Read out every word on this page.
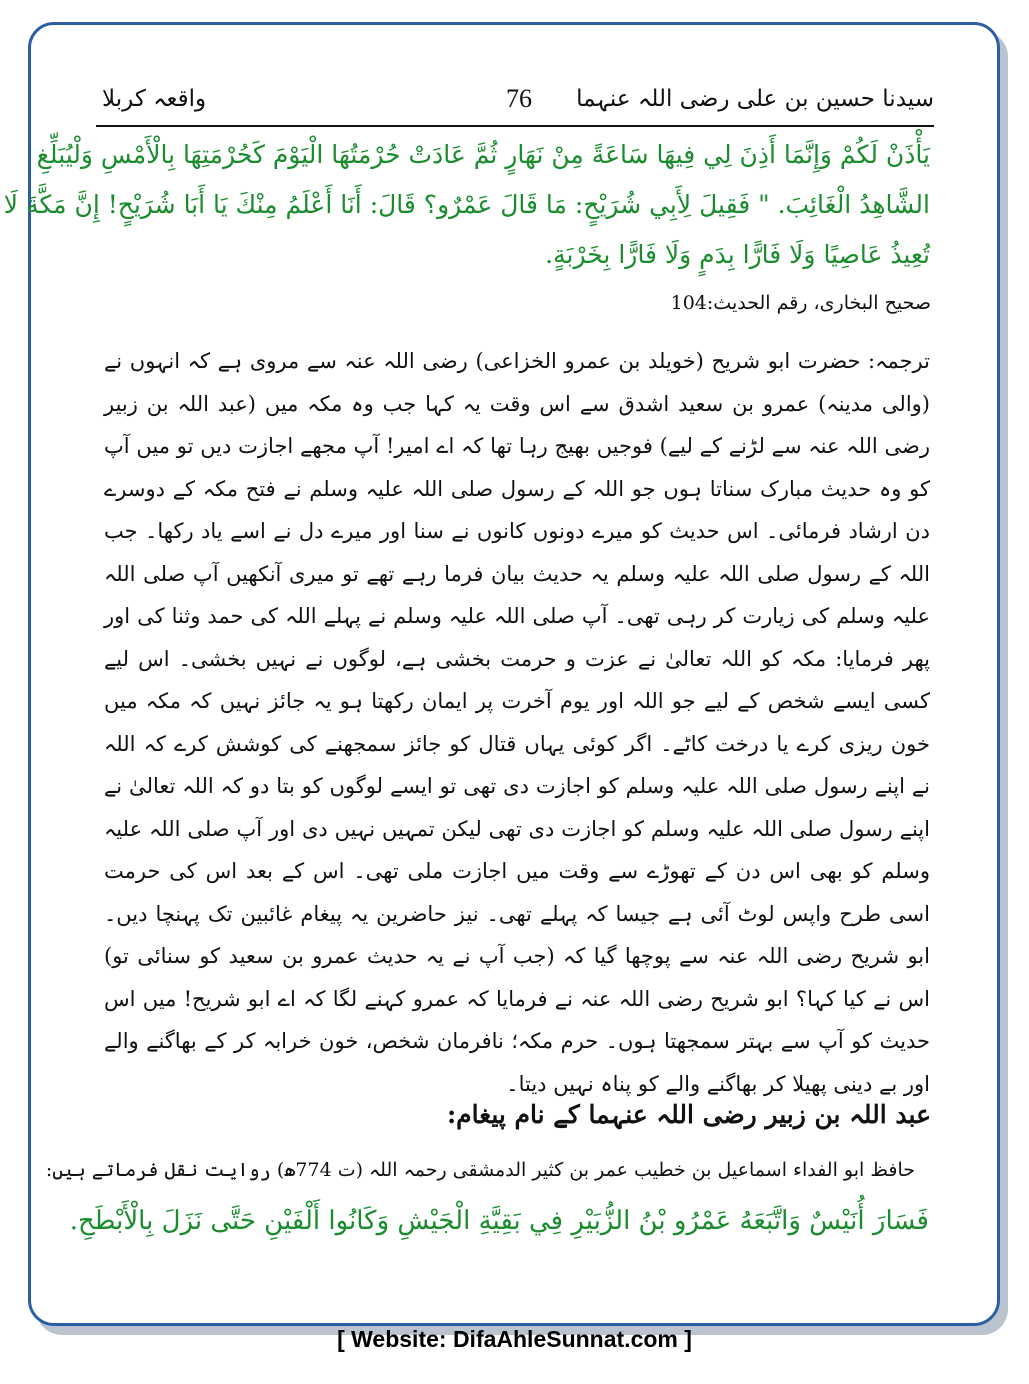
سیدنا حسین بن علی رضی اللہ عنہما
76
واقعہ کربلا
يَأْذَنْ لَكُمْ وَإِنَّمَا أَذِنَ لِي فِيهَا سَاعَةً مِنْ نَهَارٍ ثُمَّ عَادَتْ حُرْمَتُهَا الْيَوْمَ كَحُرْمَتِهَا بِالْأَمْسِ وَلْيُبَلِّغِ
الشَّاهِدُ الْغَائِبَ. " فَقِيلَ لِأَبِي شُرَيْحٍ: مَا قَالَ عَمْرٌو؟ قَالَ: أَنَا أَعْلَمُ مِنْكَ يَا أَبَا شُرَيْحٍ! إِنَّ مَكَّةَ لَا
تُعِيذُ عَاصِيًا وَلَا فَارًّا بِدَمٍ وَلَا فَارًّا بِخَرْبَةٍ.
صحیح البخاری، رقم الحدیث:104
ترجمہ: حضرت ابو شریح (خویلد بن عمرو الخزاعی) رضی اللہ عنہ سے مروی ہے کہ انہوں نے (والی مدینہ) عمرو بن سعید اشدق سے اس وقت یہ کہا جب وہ مکہ میں (عبد اللہ بن زبیر رضی اللہ عنہ سے لڑنے کے لیے) فوجیں بھیج رہا تھا کہ اے امیر! آپ مجھے اجازت دیں تو میں آپ کو وہ حدیث مبارک سناتا ہوں جو اللہ کے رسول صلی اللہ علیہ وسلم نے فتح مکہ کے دوسرے دن ارشاد فرمائی۔ اس حدیث کو میرے دونوں کانوں نے سنا اور میرے دل نے اسے یاد رکھا۔ جب اللہ کے رسول صلی اللہ علیہ وسلم یہ حدیث بیان فرما رہے تھے تو میری آنکھیں آپ صلی اللہ علیہ وسلم کی زیارت کر رہی تھی۔ آپ صلی اللہ علیہ وسلم نے پہلے اللہ کی حمد وثنا کی اور پھر فرمایا: مکہ کو اللہ تعالیٰ نے عزت و حرمت بخشی ہے، لوگوں نے نہیں بخشی۔ اس لیے کسی ایسے شخص کے لیے جو اللہ اور یوم آخرت پر ایمان رکھتا ہو یہ جائز نہیں کہ مکہ میں خون ریزی کرے یا درخت کاٹے۔ اگر کوئی یہاں قتال کو جائز سمجھنے کی کوشش کرے کہ اللہ نے اپنے رسول صلی اللہ علیہ وسلم کو اجازت دی تھی تو ایسے لوگوں کو بتا دو کہ اللہ تعالیٰ نے اپنے رسول صلی اللہ علیہ وسلم کو اجازت دی تھی لیکن تمہیں نہیں دی اور آپ صلی اللہ علیہ وسلم کو بھی اس دن کے تھوڑے سے وقت میں اجازت ملی تھی۔ اس کے بعد اس کی حرمت اسی طرح واپس لوٹ آئی ہے جیسا کہ پہلے تھی۔ نیز حاضرین یہ پیغام غائبین تک پہنچا دیں۔ ابو شریح رضی اللہ عنہ سے پوچھا گیا کہ (جب آپ نے یہ حدیث عمرو بن سعید کو سنائی تو) اس نے کیا کہا؟ ابو شریح رضی اللہ عنہ نے فرمایا کہ عمرو کہنے لگا کہ اے ابو شریح! میں اس حدیث کو آپ سے بہتر سمجھتا ہوں۔ حرم مکہ؛ نافرمان شخص، خون خرابہ کر کے بھاگنے والے اور بے دینی پھیلا کر بھاگنے والے کو پناہ نہیں دیتا۔
عبد اللہ بن زبیر رضی اللہ عنہما کے نام پیغام:
حافظ ابو الفداء اسماعیل بن خطیب عمر بن کثیر الدمشقی رحمہ اللہ (ت 774ھ) روایت نقل فرماتے ہیں:
فَسَارَ أُنَيْسٌ وَاتَّبَعَهُ عَمْرُو بْنُ الزُّبَيْرِ فِي بَقِيَّةِ الْجَيْشِ وَكَانُوا أَلْفَيْنِ حَتَّى نَزَلَ بِالْأَبْطَحِ.
[ Website: DifaAhleSunnat.com ]
